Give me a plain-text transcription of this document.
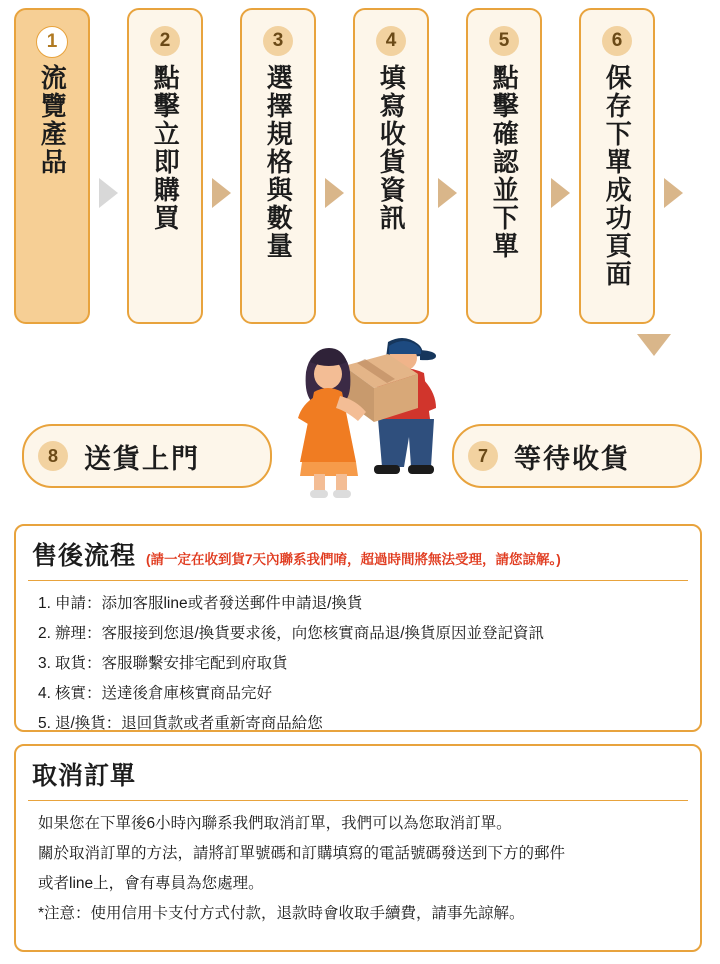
1
流覽產品
2
點擊立即購買
3
選擇規格與數量
4
填寫收貨資訊
5
點擊確認並下單
6
保存下單成功頁面
8 送貨上門	7 等待收貨
售後流程 (請一定在收到貨7天內聯系我們唷，超過時間將無法受理，請您諒解。)
1. 申請：添加客服line或者發送郵件申請退/換貨
2. 辦理：客服接到您退/換貨要求後，向您核實商品退/換貨原因並登記資訊
3. 取貨：客服聯繫安排宅配到府取貨
4. 核實：送達後倉庫核實商品完好
5. 退/換貨：退回貨款或者重新寄商品給您
取消訂單
如果您在下單後6小時內聯系我們取消訂單，我們可以為您取消訂單。
關於取消訂單的方法，請將訂單號碼和訂購填寫的電話號碼發送到下方的郵件
或者line上，會有專員為您處理。
*注意：使用信用卡支付方式付款，退款時會收取手續費，請事先諒解。
